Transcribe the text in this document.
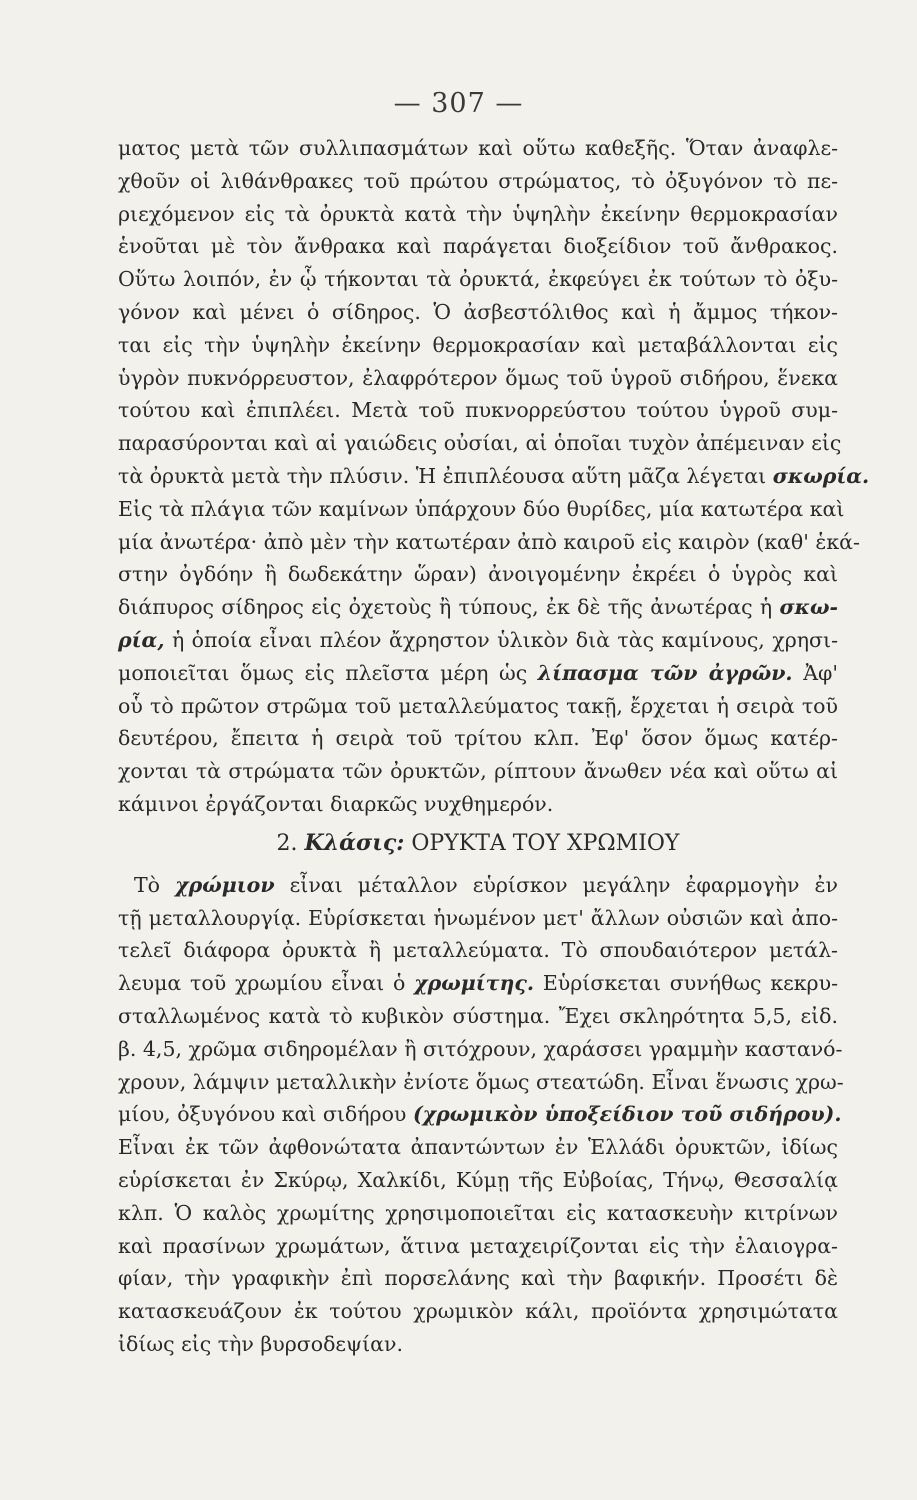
— 307 —
ματος μετὰ τῶν συλλιπασμάτων καὶ οὕτω καθεξῆς. Ὅταν ἀναφλε-
χθοῦν οἱ λιθάνθρακες τοῦ πρώτου στρώματος, τὸ ὀξυγόνον τὸ πε-
ριεχόμενον εἰς τὰ ὀρυκτὰ κατὰ τὴν ὑψηλὴν ἐκείνην θερμοκρασίαν
ἑνοῦται μὲ τὸν ἄνθρακα καὶ παράγεται διοξείδιον τοῦ ἄνθρακος.
Οὕτω λοιπόν, ἐν ᾧ τήκονται τὰ ὀρυκτά, ἐκφεύγει ἐκ τούτων τὸ ὀξυ-
γόνον καὶ μένει ὁ σίδηρος. Ὁ ἀσβεστόλιθος καὶ ἡ ἄμμος τήκον-
ται εἰς τὴν ὑψηλὴν ἐκείνην θερμοκρασίαν καὶ μεταβάλλονται εἰς
ὑγρὸν πυκνόρρευστον, ἐλαφρότερον ὅμως τοῦ ὑγροῦ σιδήρου, ἕνεκα
τούτου καὶ ἐπιπλέει. Μετὰ τοῦ πυκνορρεύστου τούτου ὑγροῦ συμ-
παρασύρονται καὶ αἱ γαιώδεις οὐσίαι, αἱ ὁποῖαι τυχὸν ἀπέμειναν εἰς
τὰ ὀρυκτὰ μετὰ τὴν πλύσιν. Ἡ ἐπιπλέουσα αὕτη μᾶζα λέγεται σκωρία.
Εἰς τὰ πλάγια τῶν καμίνων ὑπάρχουν δύο θυρίδες, μία κατωτέρα καὶ
μία ἀνωτέρα· ἀπὸ μὲν τὴν κατωτέραν ἀπὸ καιροῦ εἰς καιρὸν (καθ' ἑκά-
στην ὀγδόην ἢ δωδεκάτην ὥραν) ἀνοιγομένην ἐκρέει ὁ ὑγρὸς καὶ
διάπυρος σίδηρος εἰς ὀχετοὺς ἢ τύπους, ἐκ δὲ τῆς ἀνωτέρας ἡ σκω-
ρία, ἡ ὁποία εἶναι πλέον ἄχρηστον ὑλικὸν διὰ τὰς καμίνους, χρησι-
μοποιεῖται ὅμως εἰς πλεῖστα μέρη ὡς λίπασμα τῶν ἀγρῶν. Ἀφ'
οὗ τὸ πρῶτον στρῶμα τοῦ μεταλλεύματος τακῇ, ἔρχεται ἡ σειρὰ τοῦ
δευτέρου, ἔπειτα ἡ σειρὰ τοῦ τρίτου κλπ. Ἐφ' ὅσον ὅμως κατέρ-
χονται τὰ στρώματα τῶν ὀρυκτῶν, ρίπτουν ἄνωθεν νέα καὶ οὕτω αἱ
κάμινοι ἐργάζονται διαρκῶς νυχθημερόν.
2. Κλάσις: ΟΡΥΚΤΑ ΤΟΥ ΧΡΩΜΙΟΥ
Τὸ χρώμιον εἶναι μέταλλον εὑρίσκον μεγάλην ἐφαρμογὴν ἐν
τῇ μεταλλουργίᾳ. Εὑρίσκεται ἡνωμένον μετ' ἄλλων οὐσιῶν καὶ ἀπο-
τελεῖ διάφορα ὀρυκτὰ ἢ μεταλλεύματα. Τὸ σπουδαιότερον μετάλ-
λευμα τοῦ χρωμίου εἶναι ὁ χρωμίτης. Εὑρίσκεται συνήθως κεκρυ-
σταλλωμένος κατὰ τὸ κυβικὸν σύστημα. Ἔχει σκληρότητα 5,5, εἰδ.
β. 4,5, χρῶμα σιδηρομέλαν ἢ σιτόχρουν, χαράσσει γραμμὴν καστανό-
χρουν, λάμψιν μεταλλικὴν ἐνίοτε ὅμως στεατώδη. Εἶναι ἕνωσις χρω-
μίου, ὀξυγόνου καὶ σιδήρου (χρωμικὸν ὑποξείδιον τοῦ σιδήρου).
Εἶναι ἐκ τῶν ἀφθονώτατα ἀπαντώντων ἐν Ἑλλάδι ὀρυκτῶν, ἰδίως
εὑρίσκεται ἐν Σκύρῳ, Χαλκίδι, Κύμῃ τῆς Εὐβοίας, Τήνῳ, Θεσσαλίᾳ
κλπ. Ὁ καλὸς χρωμίτης χρησιμοποιεῖται εἰς κατασκευὴν κιτρίνων
καὶ πρασίνων χρωμάτων, ἅτινα μεταχειρίζονται εἰς τὴν ἐλαιογρα-
φίαν, τὴν γραφικὴν ἐπὶ πορσελάνης καὶ τὴν βαφικήν. Προσέτι δὲ
κατασκευάζουν ἐκ τούτου χρωμικὸν κάλι, προϊόντα χρησιμώτατα
ἰδίως εἰς τὴν βυρσοδεψίαν.
